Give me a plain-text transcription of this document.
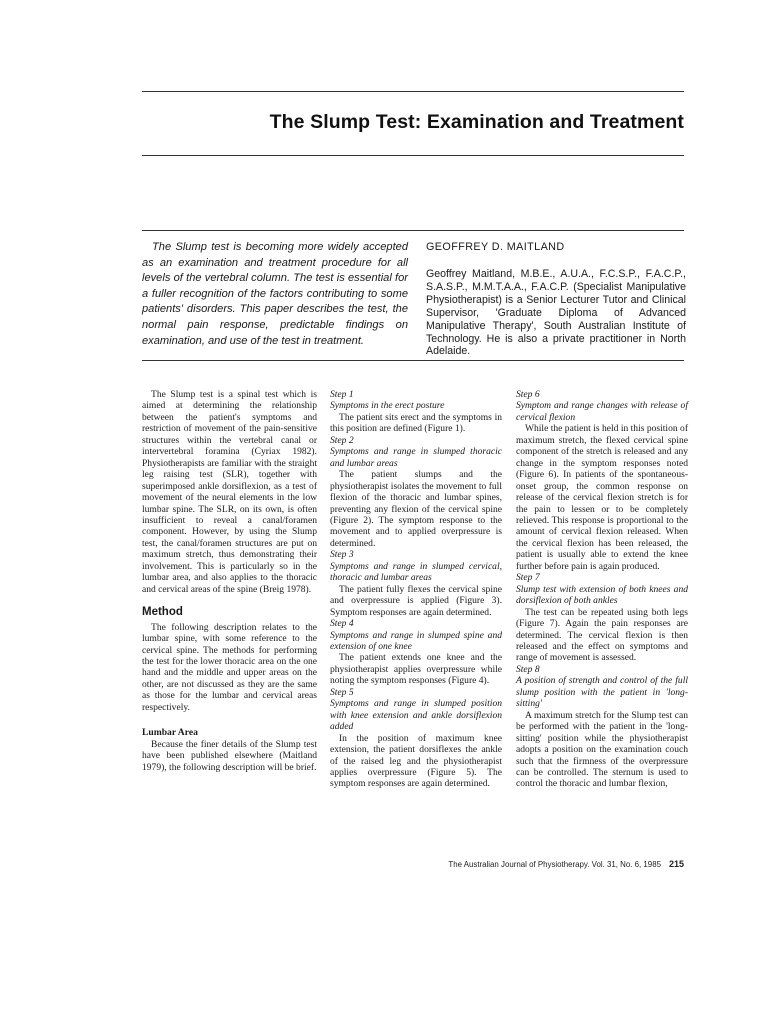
The Slump Test: Examination and Treatment

The Slump test is becoming more widely accepted as an examination and treatment procedure for all levels of the vertebral column. The test is essential for a fuller recognition of the factors contributing to some patients' disorders. This paper describes the test, the normal pain response, predictable findings on examination, and use of the test in treatment.

GEOFFREY D. MAITLAND

Geoffrey Maitland, M.B.E., A.U.A., F.C.S.P., F.A.C.P., S.A.S.P., M.M.T.A.A., F.A.C.P. (Specialist Manipulative Physiotherapist) is a Senior Lecturer Tutor and Clinical Supervisor, 'Graduate Diploma of Advanced Manipulative Therapy', South Australian Institute of Technology. He is also a private practitioner in North Adelaide.

The Slump test is a spinal test which is aimed at determining the relationship between the patient's symptoms and restriction of movement of the pain-sensitive structures within the vertebral canal or intervertebral foramina (Cyriax 1982). Physiotherapists are familiar with the straight leg raising test (SLR), together with superimposed ankle dorsiflexion, as a test of movement of the neural elements in the low lumbar spine. The SLR, on its own, is often insufficient to reveal a canal/foramen component. However, by using the Slump test, the canal/foramen structures are put on maximum stretch, thus demonstrating their involvement. This is particularly so in the lumbar area, and also applies to the thoracic and cervical areas of the spine (Breig 1978).

Method

The following description relates to the lumbar spine, with some reference to the cervical spine. The methods for performing the test for the lower thoracic area on the one hand and the middle and upper areas on the other, are not discussed as they are the same as those for the lumbar and cervical areas respectively.

Lumbar Area

Because the finer details of the Slump test have been published elsewhere (Maitland 1979), the following description will be brief.

Step 1

Symptoms in the erect posture

The patient sits erect and the symptoms in this position are defined (Figure 1).

Step 2

Symptoms and range in slumped thoracic and lumbar areas

The patient slumps and the physiotherapist isolates the movement to full flexion of the thoracic and lumbar spines, preventing any flexion of the cervical spine (Figure 2). The symptom response to the movement and to applied overpressure is determined.

Step 3

Symptoms and range in slumped cervical, thoracic and lumbar areas

The patient fully flexes the cervical spine and overpressure is applied (Figure 3). Symptom responses are again determined.

Step 4

Symptoms and range in slumped spine and extension of one knee

The patient extends one knee and the physiotherapist applies overpressure while noting the symptom responses (Figure 4).

Step 5

Symptoms and range in slumped position with knee extension and ankle dorsiflexion added

In the position of maximum knee extension, the patient dorsiflexes the ankle of the raised leg and the physiotherapist applies overpressure (Figure 5). The symptom responses are again determined.

Step 6

Symptom and range changes with release of cervical flexion

While the patient is held in this position of maximum stretch, the flexed cervical spine component of the stretch is released and any change in the symptom responses noted (Figure 6). In patients of the spontaneous-onset group, the common response on release of the cervical flexion stretch is for the pain to lessen or to be completely relieved. This response is proportional to the amount of cervical flexion released. When the cervical flexion has been released, the patient is usually able to extend the knee further before pain is again produced.

Step 7

Slump test with extension of both knees and dorsiflexion of both ankles

The test can be repeated using both legs (Figure 7). Again the pain responses are determined. The cervical flexion is then released and the effect on symptoms and range of movement is assessed.

Step 8

A position of strength and control of the full slump position with the patient in 'long-sitting'

A maximum stretch for the Slump test can be performed with the patient in the 'long-sitting' position while the physiotherapist adopts a position on the examination couch such that the firmness of the overpressure can be controlled. The sternum is used to control the thoracic and lumbar flexion,

The Australian Journal of Physiotherapy. Vol. 31, No. 6, 1985 215
